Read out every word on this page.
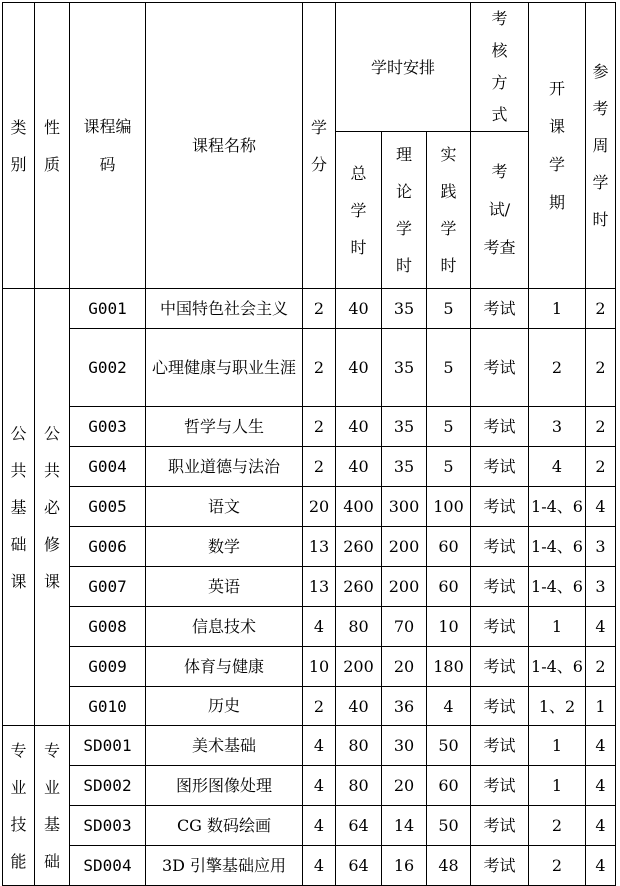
类别	性质	课程编码	课程名称	学分	学时安排			考核方式	开课学期	参考周学时
					总学时	理论学时	实践学时	考试/考查		

公共基础课	公共必修课	G001	中国特色社会主义	2	40	35	5	考试	1	2
		G002	心理健康与职业生涯	2	40	35	5	考试	2	2
		G003	哲学与人生	2	40	35	5	考试	3	2
		G004	职业道德与法治	2	40	35	5	考试	4	2
		G005	语文	20	400	300	100	考试	1-4、6	4
		G006	数学	13	260	200	60	考试	1-4、6	3
		G007	英语	13	260	200	60	考试	1-4、6	3
		G008	信息技术	4	80	70	10	考试	1	4
		G009	体育与健康	10	200	20	180	考试	1-4、6	2
		G010	历史	2	40	36	4	考试	1、2	1
专业技能	专业基础	SD001	美术基础	4	80	30	50	考试	1	4
		SD002	图形图像处理	4	80	20	60	考试	1	4
		SD003	CG 数码绘画	4	64	14	50	考试	2	4
		SD004	3D 引擎基础应用	4	64	16	48	考试	2	4
